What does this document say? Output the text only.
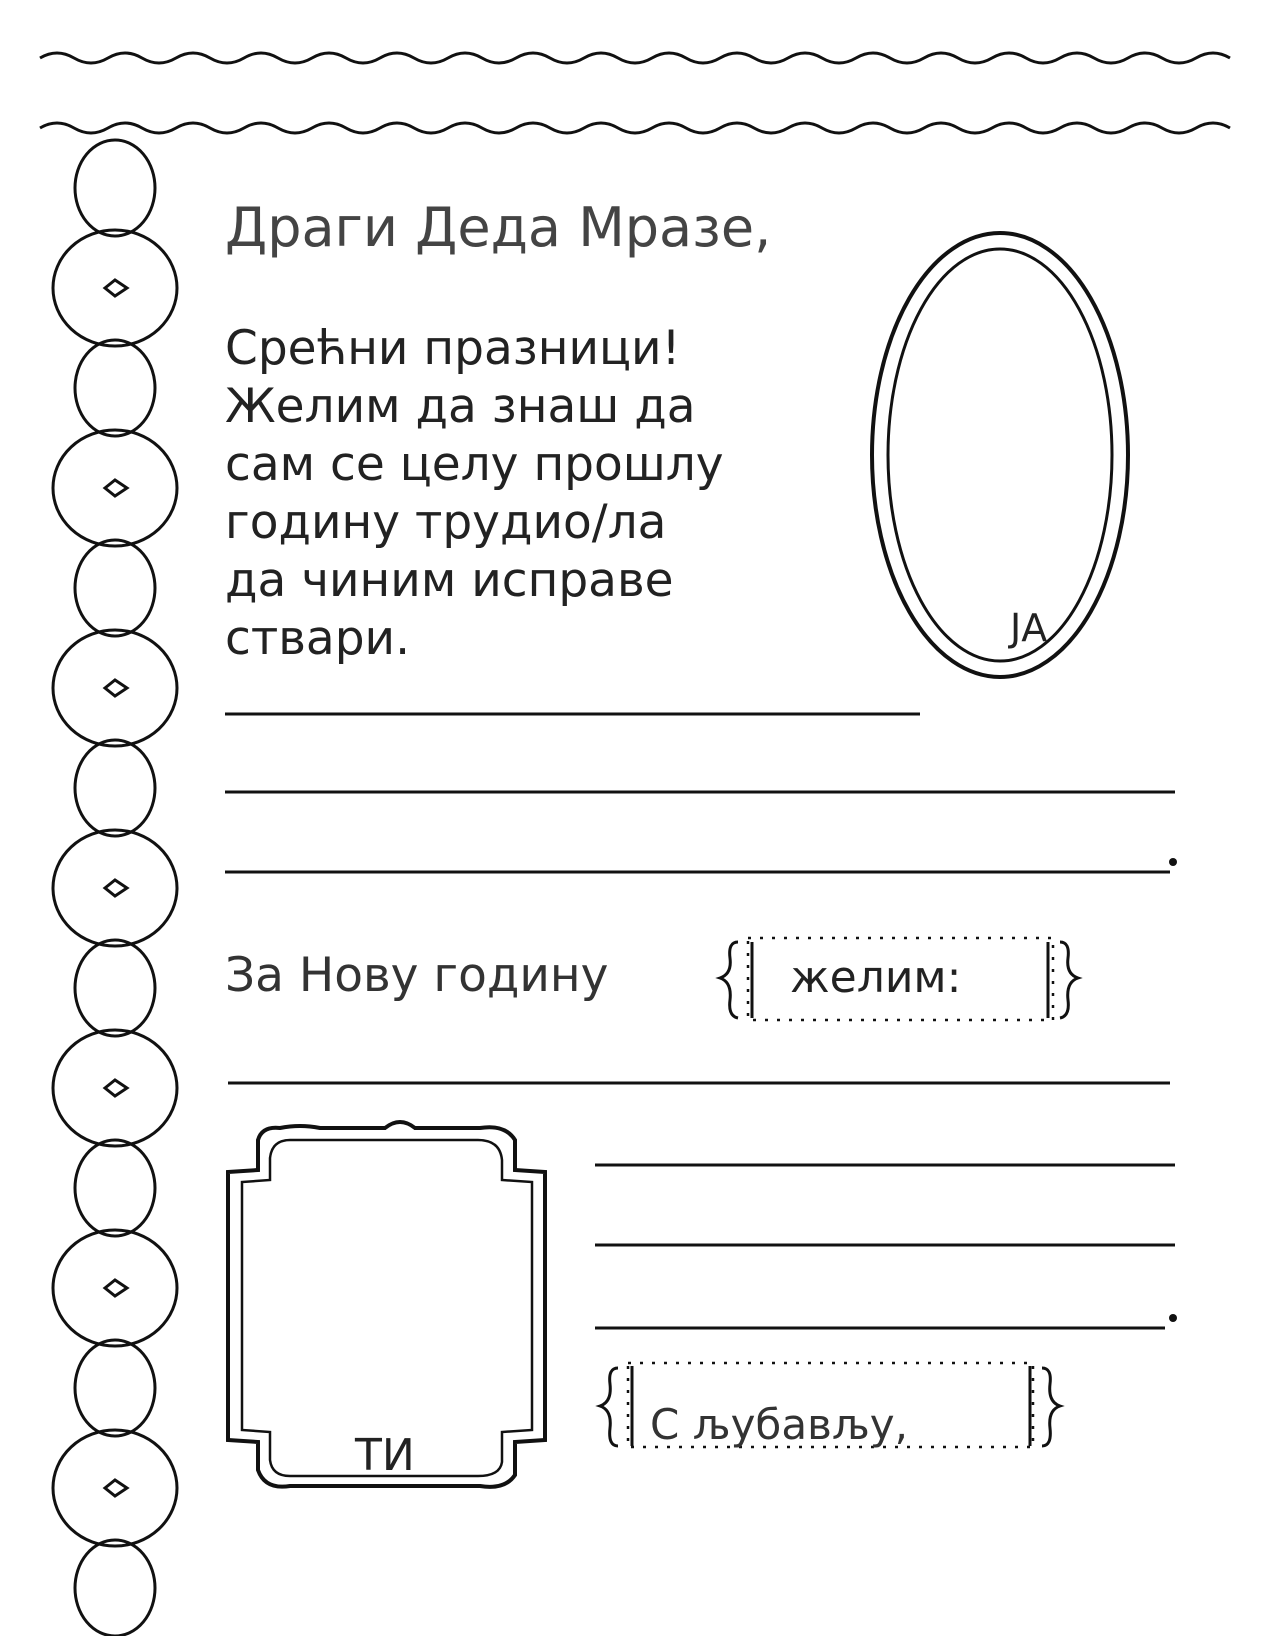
Драги Деда Мразе,
Срећни празници!
Желим да знаш да
сам се целу прошлу
годину трудио/ла
да чиним исправе
ствари.	ЈА
За Нову годину	желим:
ТИ
С љубављу,
